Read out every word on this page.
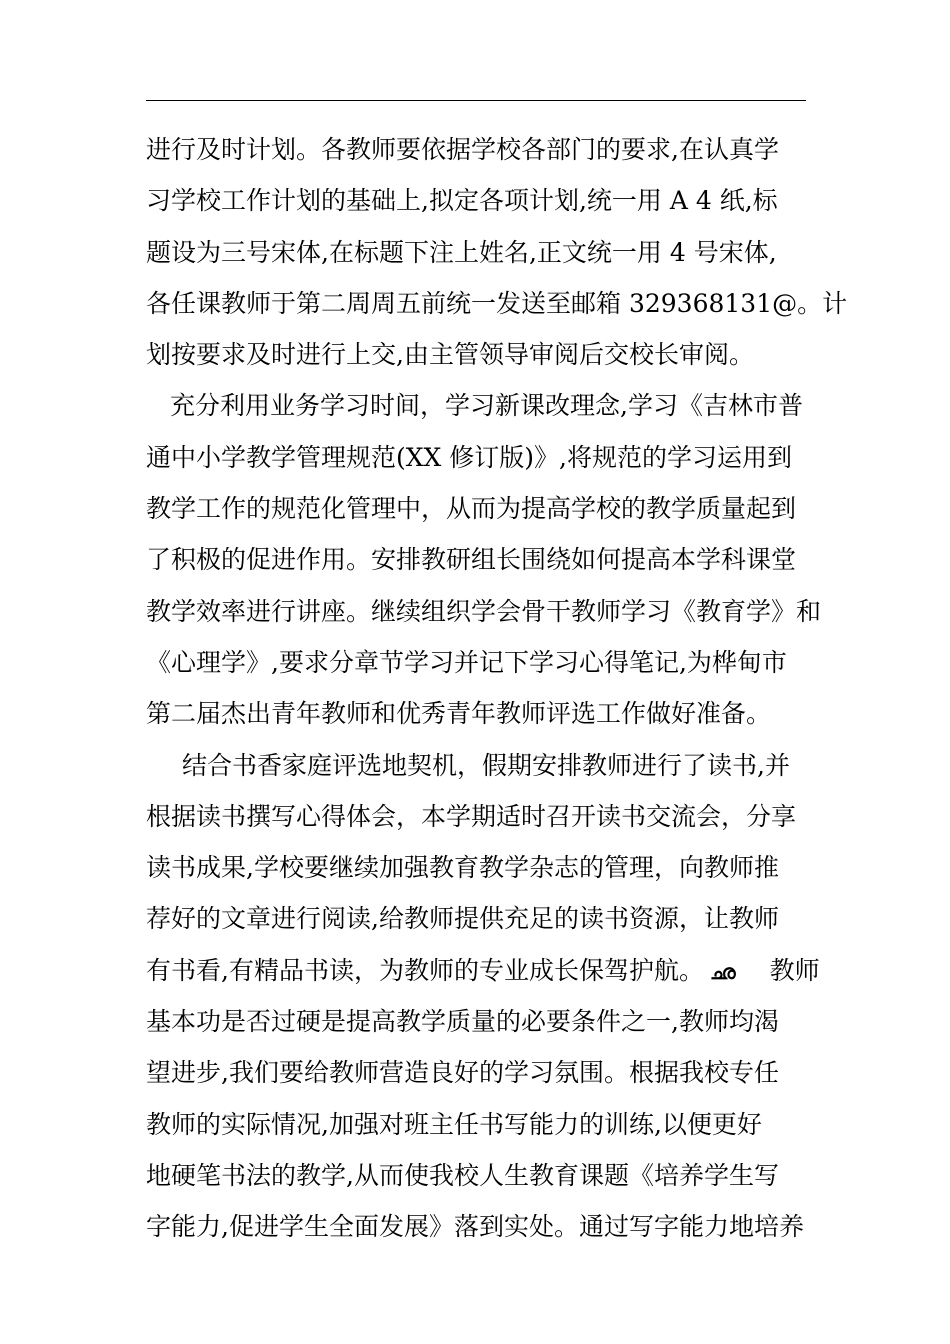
进行及时计划。各教师要依据学校各部门的要求,在认真学
习学校工作计划的基础上,拟定各项计划,统一用 A 4 纸,标
题设为三号宋体,在标题下注上姓名,正文统一用 4 号宋体,
各任课教师于第二周周五前统一发送至邮箱 329368131@。计
划按要求及时进行上交,由主管领导审阅后交校长审阅。
充分利用业务学习时间，学习新课改理念,学习《吉林市普
通中小学教学管理规范(XX 修订版)》,将规范的学习运用到
教学工作的规范化管理中，从而为提高学校的教学质量起到
了积极的促进作用。安排教研组长围绕如何提高本学科课堂
教学效率进行讲座。继续组织学会骨干教师学习《教育学》和
《心理学》,要求分章节学习并记下学习心得笔记,为桦甸市
第二届杰出青年教师和优秀青年教师评选工作做好准备。
结合书香家庭评选地契机，假期安排教师进行了读书,并
根据读书撰写心得体会，本学期适时召开读书交流会，分享
读书成果,学校要继续加强教育教学杂志的管理，向教师推
荐好的文章进行阅读,给教师提供充足的读书资源，让教师
有书看,有精品书读，为教师的专业成长保驾护航。 ഛ 教师
基本功是否过硬是提高教学质量的必要条件之一,教师均渴
望进步,我们要给教师营造良好的学习氛围。根据我校专任
教师的实际情况,加强对班主任书写能力的训练,以便更好
地硬笔书法的教学,从而使我校人生教育课题《培养学生写
字能力,促进学生全面发展》落到实处。通过写字能力地培养
